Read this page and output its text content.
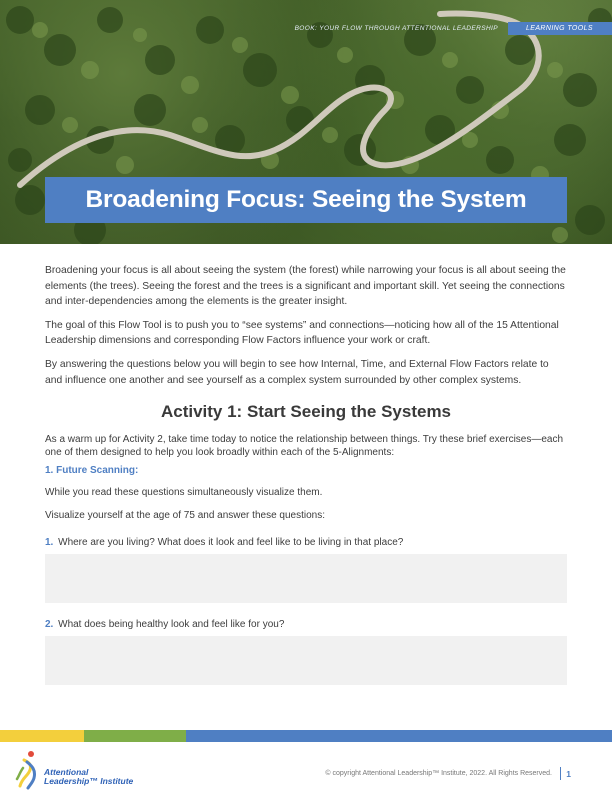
BOOK: YOUR FLOW THROUGH ATTENTIONAL LEADERSHIP	LEARNING TOOLS
Broadening Focus: Seeing the System

Broadening your focus is all about seeing the system (the forest) while narrowing your focus is all about seeing the elements (the trees). Seeing the forest and the trees is a significant and important skill. Yet seeing the connections and inter-dependencies among the elements is the greater insight.

The goal of this Flow Tool is to push you to “see systems” and connections—noticing how all of the 15 Attentional Leadership dimensions and corresponding Flow Factors influence your work or craft.

By answering the questions below you will begin to see how Internal, Time, and External Flow Factors relate to and influence one another and see yourself as a complex system surrounded by other complex systems.

Activity 1: Start Seeing the Systems

As a warm up for Activity 2, take time today to notice the relationship between things. Try these brief exercises—each one of them designed to help you look broadly within each of the 5-Alignments:

1. Future Scanning:

While you read these questions simultaneously visualize them.

Visualize yourself at the age of 75 and answer these questions:

1. Where are you living? What does it look and feel like to be living in that place?

2. What does being healthy look and feel like for you?

Attentional
Leadership™ Institute
© copyright Attentional Leadership™ Institute, 2022. All Rights Reserved. 1
